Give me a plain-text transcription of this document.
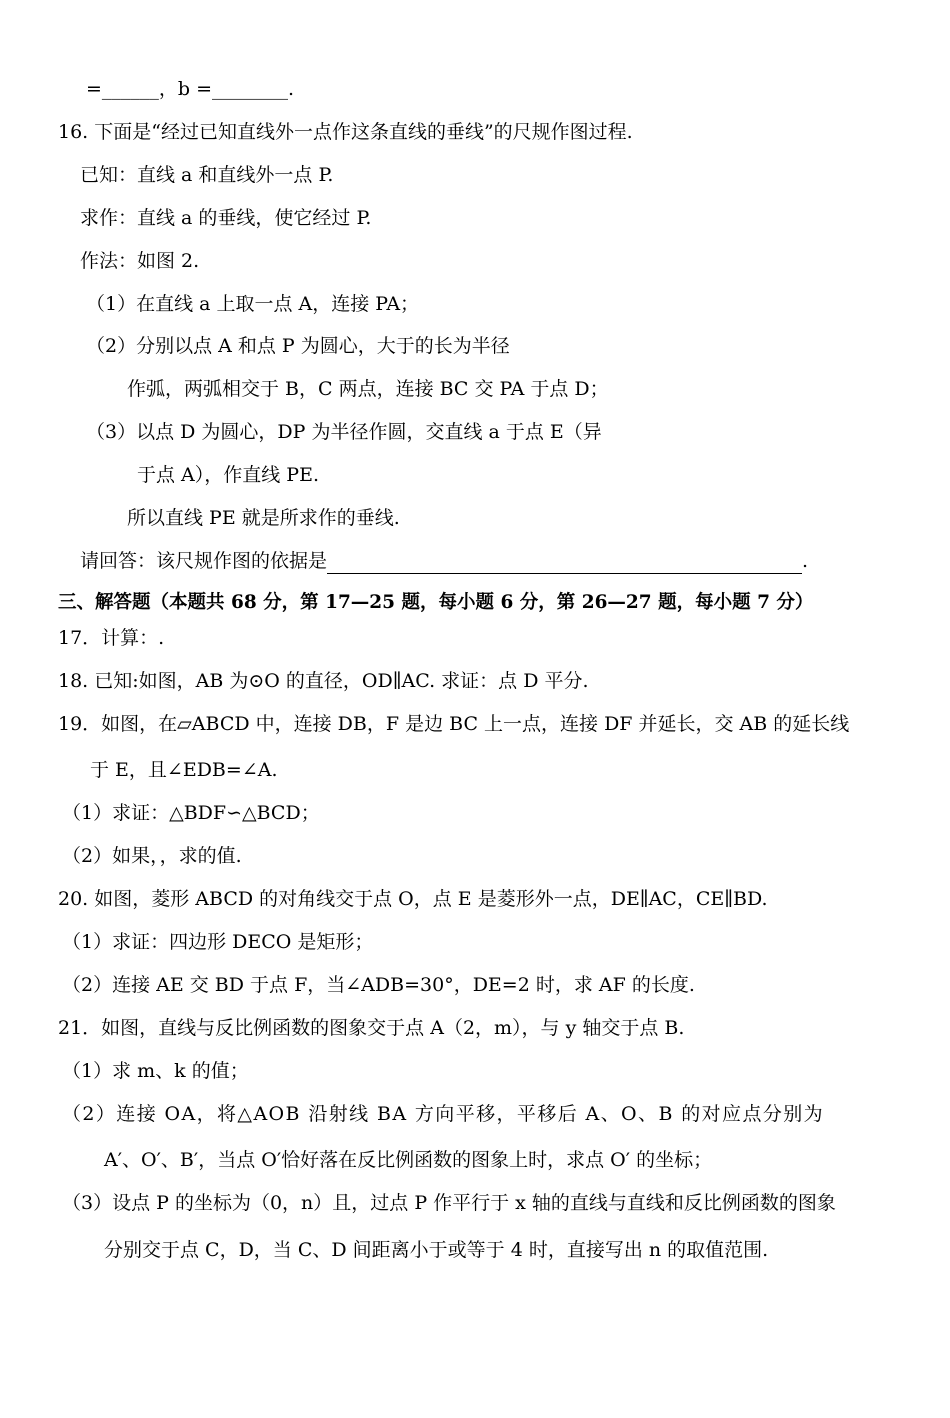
=______，b =________.
16. 下面是“经过已知直线外一点作这条直线的垂线”的尺规作图过程.
已知：直线 a 和直线外一点 P.
求作：直线 a 的垂线，使它经过 P.
作法：如图 2.
（1）在直线 a 上取一点 A，连接 PA；
（2）分别以点 A 和点 P 为圆心，大于的长为半径
作弧，两弧相交于 B，C 两点，连接 BC 交 PA 于点 D；
（3）以点 D 为圆心，DP 为半径作圆，交直线 a 于点 E（异
于点 A），作直线 PE.
所以直线 PE 就是所求作的垂线.
请回答：该尺规作图的依据是	.
三、解答题（本题共 68 分，第 17—25 题，每小题 6 分，第 26—27 题，每小题 7 分）
17．计算：.
18. 已知:如图，AB 为⊙O 的直径，OD∥AC. 求证：点 D 平分.
19．如图，在▱ABCD 中，连接 DB，F 是边 BC 上一点，连接 DF 并延长，交 AB 的延长线
于 E，且∠EDB=∠A.
（1）求证：△BDF∽△BCD；
（2）如果，，求的值.
20. 如图，菱形 ABCD 的对角线交于点 O，点 E 是菱形外一点，DE∥AC，CE∥BD.
（1）求证：四边形 DECO 是矩形；
（2）连接 AE 交 BD 于点 F，当∠ADB=30°，DE=2 时，求 AF 的长度.
21．如图，直线与反比例函数的图象交于点 A（2，m），与 y 轴交于点 B.
（1）求 m、k 的值；
（2）连接 OA，将△AOB 沿射线 BA 方向平移，平移后 A、O、B 的对应点分别为
A′、O′、B′，当点 O′恰好落在反比例函数的图象上时，求点 O′ 的坐标；
（3）设点 P 的坐标为（0，n）且，过点 P 作平行于 x 轴的直线与直线和反比例函数的图象
分别交于点 C，D，当 C、D 间距离小于或等于 4 时，直接写出 n 的取值范围.
